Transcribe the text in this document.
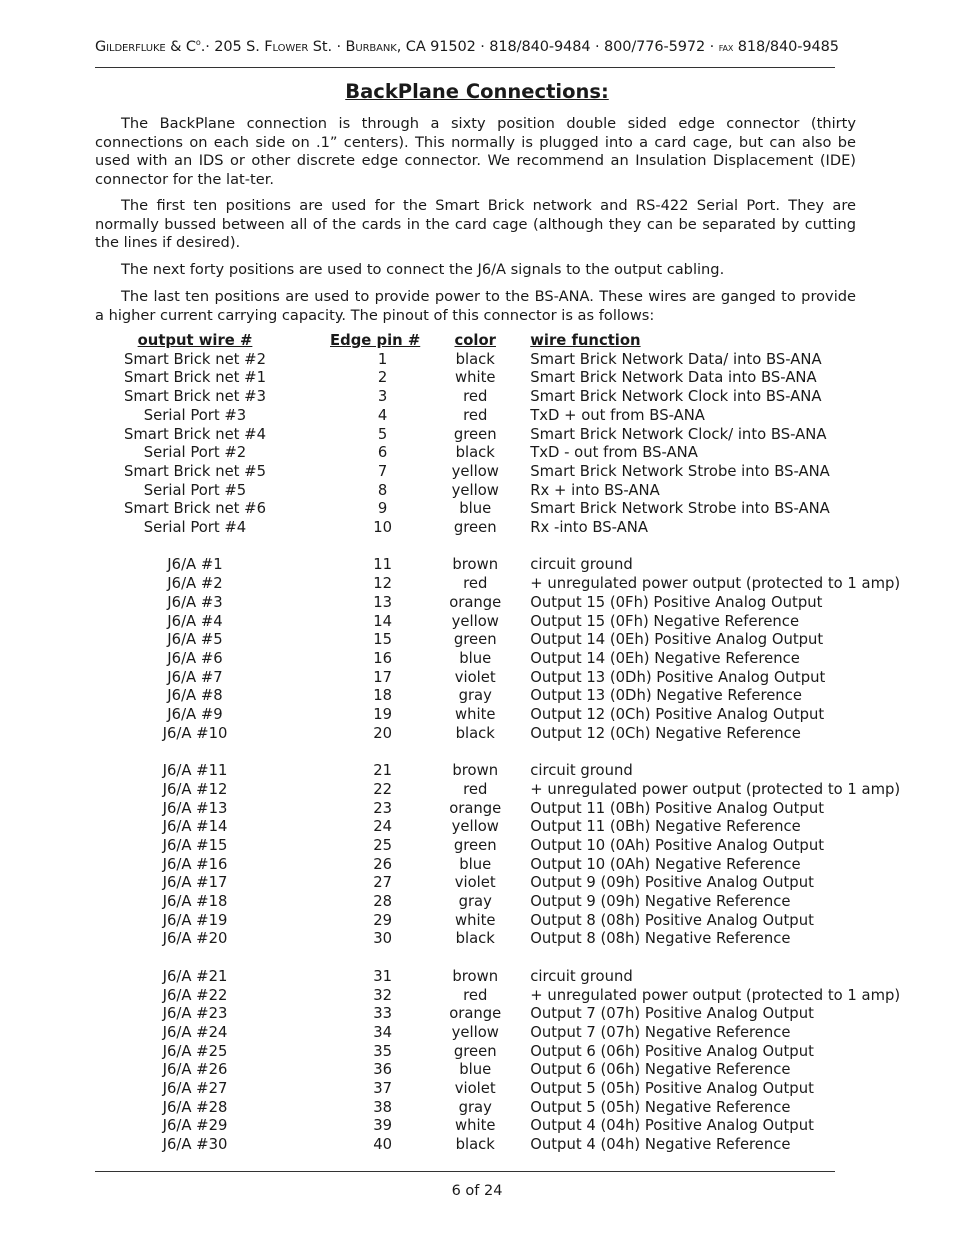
Gilderfluke & $C^o.\cdot 205$ S. Flower St. · Burbank, CA 91502 · 818/840-9484 · 800/776-5972 · fax 818/840-9485
BackPlane Connections:

The BackPlane connection is through a sixty position double sided edge connector (thirty connections on each side on .1” centers). This normally is plugged into a card cage, but can also be used with an IDS or other discrete edge connector. We recommend an Insulation Displacement (IDE) connector for the lat-ter.

The first ten positions are used for the Smart Brick network and RS-422 Serial Port. They are normally bussed between all of the cards in the card cage (although they can be separated by cutting the lines if desired).

The next forty positions are used to connect the J6/A signals to the output cabling.

The last ten positions are used to provide power to the BS-ANA. These wires are ganged to provide a higher current carrying capacity. The pinout of this connector is as follows:

output wire #	Edge pin #	color	wire function
Smart Brick net #2	1	black	Smart Brick Network Data/ into BS-ANA
Smart Brick net #1	2	white	Smart Brick Network Data into BS-ANA
Smart Brick net #3	3	red	Smart Brick Network Clock into BS-ANA
Serial Port #3	4	red	TxD + out from BS-ANA
Smart Brick net #4	5	green	Smart Brick Network Clock/ into BS-ANA
Serial Port #2	6	black	TxD - out from BS-ANA
Smart Brick net #5	7	yellow	Smart Brick Network Strobe into BS-ANA
Serial Port #5	8	yellow	Rx + into BS-ANA
Smart Brick net #6	9	blue	Smart Brick Network Strobe into BS-ANA
Serial Port #4	10	green	Rx -into BS-ANA

J6/A #1	11	brown	circuit ground
J6/A #2	12	red	+ unregulated power output (protected to 1 amp)
J6/A #3	13	orange	Output 15 (0Fh) Positive Analog Output
J6/A #4	14	yellow	Output 15 (0Fh) Negative Reference
J6/A #5	15	green	Output 14 (0Eh) Positive Analog Output
J6/A #6	16	blue	Output 14 (0Eh) Negative Reference
J6/A #7	17	violet	Output 13 (0Dh) Positive Analog Output
J6/A #8	18	gray	Output 13 (0Dh) Negative Reference
J6/A #9	19	white	Output 12 (0Ch) Positive Analog Output
J6/A #10	20	black	Output 12 (0Ch) Negative Reference

J6/A #11	21	brown	circuit ground
J6/A #12	22	red	+ unregulated power output (protected to 1 amp)
J6/A #13	23	orange	Output 11 (0Bh) Positive Analog Output
J6/A #14	24	yellow	Output 11 (0Bh) Negative Reference
J6/A #15	25	green	Output 10 (0Ah) Positive Analog Output
J6/A #16	26	blue	Output 10 (0Ah) Negative Reference
J6/A #17	27	violet	Output 9 (09h) Positive Analog Output
J6/A #18	28	gray	Output 9 (09h) Negative Reference
J6/A #19	29	white	Output 8 (08h) Positive Analog Output
J6/A #20	30	black	Output 8 (08h) Negative Reference

J6/A #21	31	brown	circuit ground
J6/A #22	32	red	+ unregulated power output (protected to 1 amp)
J6/A #23	33	orange	Output 7 (07h) Positive Analog Output
J6/A #24	34	yellow	Output 7 (07h) Negative Reference
J6/A #25	35	green	Output 6 (06h) Positive Analog Output
J6/A #26	36	blue	Output 6 (06h) Negative Reference
J6/A #27	37	violet	Output 5 (05h) Positive Analog Output
J6/A #28	38	gray	Output 5 (05h) Negative Reference
J6/A #29	39	white	Output 4 (04h) Positive Analog Output
J6/A #30	40	black	Output 4 (04h) Negative Reference
6 of 24
